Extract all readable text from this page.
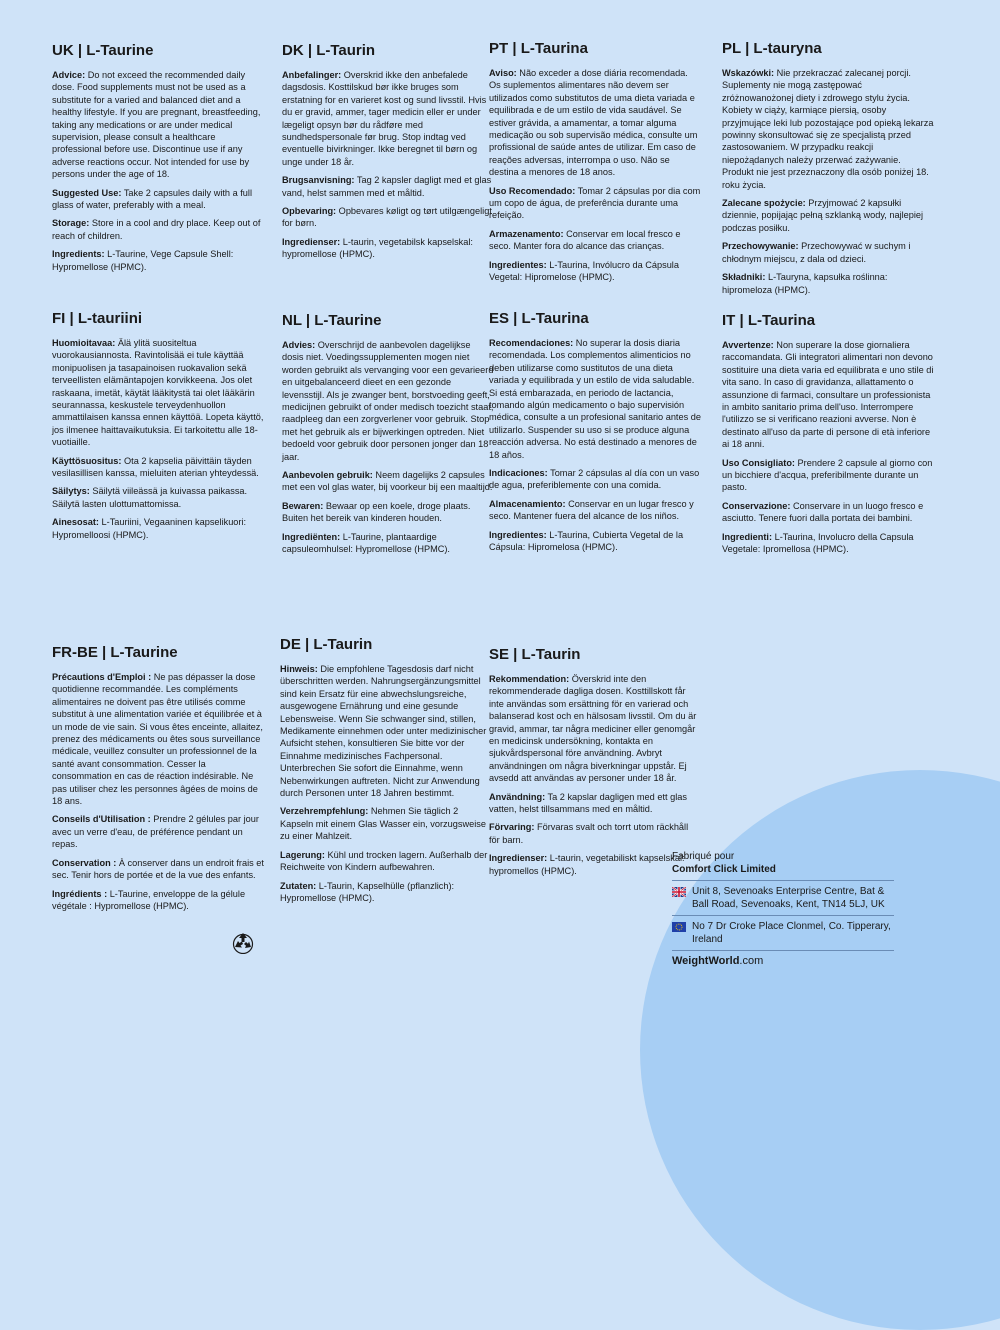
UK | L-Taurine

Advice: Do not exceed the recommended daily dose. Food supplements must not be used as a substitute for a varied and balanced diet and a healthy lifestyle. If you are pregnant, breastfeeding, taking any medications or are under medical supervision, please consult a healthcare professional before use. Discontinue use if any adverse reactions occur. Not intended for use by persons under the age of 18.

Suggested Use: Take 2 capsules daily with a full glass of water, preferably with a meal.

Storage: Store in a cool and dry place. Keep out of reach of children.

Ingredients: L-Taurine, Vege Capsule Shell: Hypromellose (HPMC).

DK | L-Taurin

Anbefalinger: Overskrid ikke den anbefalede dagsdosis. Kosttilskud bør ikke bruges som erstatning for en varieret kost og sund livsstil. Hvis du er gravid, ammer, tager medicin eller er under lægeligt opsyn bør du rådføre med sundhedspersonale før brug. Stop indtag ved eventuelle bivirkninger. Ikke beregnet til børn og unge under 18 år.

Brugsanvisning: Tag 2 kapsler dagligt med et glas vand, helst sammen med et måltid.

Opbevaring: Opbevares køligt og tørt utilgængeligt for børn.

Ingredienser: L-taurin, vegetabilsk kapselskal: hypromellose (HPMC).

PT | L-Taurina

Aviso: Não exceder a dose diária recomendada. Os suplementos alimentares não devem ser utilizados como substitutos de uma dieta variada e equilibrada e de um estilo de vida saudável. Se estiver grávida, a amamentar, a tomar alguma medicação ou sob supervisão médica, consulte um profissional de saúde antes de utilizar. Em caso de reações adversas, interrompa o uso. Não se destina a menores de 18 anos.

Uso Recomendado: Tomar 2 cápsulas por dia com um copo de água, de preferência durante uma refeição.

Armazenamento: Conservar em local fresco e seco. Manter fora do alcance das crianças.

Ingredientes: L-Taurina, Invólucro da Cápsula Vegetal: Hipromelose (HPMC).

PL | L-tauryna

Wskazówki: Nie przekraczać zalecanej porcji. Suplementy nie mogą zastępować zróżnowanożonej diety i zdrowego stylu życia. Kobiety w ciąży, karmiące piersią, osoby przyjmujące leki lub pozostające pod opieką lekarza powinny skonsultować się ze specjalistą przed zastosowaniem. W przypadku reakcji niepożądanych należy przerwać zażywanie. Produkt nie jest przeznaczony dla osób poniżej 18. roku życia.

Zalecane spożycie: Przyjmować 2 kapsułki dziennie, popijając pełną szklanką wody, najlepiej podczas posiłku.

Przechowywanie: Przechowywać w suchym i chłodnym miejscu, z dala od dzieci.

Składniki: L-Tauryna, kapsułka roślinna: hipromeloza (HPMC).

FI | L-tauriini

Huomioitavaa: Älä ylitä suositeltua vuorokausiannosta. Ravintolisää ei tule käyttää monipuolisen ja tasapainoisen ruokavalion sekä terveellisten elämäntapojen korvikkeena. Jos olet raskaana, imetät, käytät lääkitystä tai olet lääkärin seurannassa, keskustele terveydenhuollon ammattilaisen kanssa ennen käyttöä. Lopeta käyttö, jos ilmenee haittavaikutuksia. Ei tarkoitettu alle 18-vuotiaille.

Käyttösuositus: Ota 2 kapselia päivittäin täyden vesilasillisen kanssa, mieluiten aterian yhteydessä.

Säilytys: Säilytä viileässä ja kuivassa paikassa. Säilytä lasten ulottumattomissa.

Ainesosat: L-Tauriini, Vegaaninen kapselikuori: Hypromelloosi (HPMC).

NL | L-Taurine

Advies: Overschrijd de aanbevolen dagelijkse dosis niet. Voedingssupplementen mogen niet worden gebruikt als vervanging voor een gevarieerd en uitgebalanceerd dieet en een gezonde levensstijl. Als je zwanger bent, borstvoeding geeft, medicijnen gebruikt of onder medisch toezicht staat, raadpleeg dan een zorgverlener voor gebruik. Stop met het gebruik als er bijwerkingen optreden. Niet bedoeld voor gebruik door personen jonger dan 18 jaar.

Aanbevolen gebruik: Neem dagelijks 2 capsules met een vol glas water, bij voorkeur bij een maaltijd.

Bewaren: Bewaar op een koele, droge plaats. Buiten het bereik van kinderen houden.

Ingrediënten: L-Taurine, plantaardige capsuleomhulsel: Hypromellose (HPMC).

ES | L-Taurina

Recomendaciones: No superar la dosis diaria recomendada. Los complementos alimenticios no deben utilizarse como sustitutos de una dieta variada y equilibrada y un estilo de vida saludable. Si está embarazada, en periodo de lactancia, tomando algún medicamento o bajo supervisión médica, consulte a un profesional sanitario antes de utilizarlo. Suspender su uso si se produce alguna reacción adversa. No está destinado a menores de 18 años.

Indicaciones: Tomar 2 cápsulas al día con un vaso de agua, preferiblemente con una comida.

Almacenamiento: Conservar en un lugar fresco y seco. Mantener fuera del alcance de los niños.

Ingredientes: L-Taurina, Cubierta Vegetal de la Cápsula: Hipromelosa (HPMC).

IT | L-Taurina

Avvertenze: Non superare la dose giornaliera raccomandata. Gli integratori alimentari non devono sostituire una dieta varia ed equilibrata e uno stile di vita sano. In caso di gravidanza, allattamento o assunzione di farmaci, consultare un professionista in ambito sanitario prima dell'uso. Interrompere l'utilizzo se si verificano reazioni avverse. Non è destinato all'uso da parte di persone di età inferiore ai 18 anni.

Uso Consigliato: Prendere 2 capsule al giorno con un bicchiere d'acqua, preferibilmente durante un pasto.

Conservazione: Conservare in un luogo fresco e asciutto. Tenere fuori dalla portata dei bambini.

Ingredienti: L-Taurina, Involucro della Capsula Vegetale: Ipromellosa (HPMC).

FR-BE | L-Taurine

Précautions d'Emploi : Ne pas dépasser la dose quotidienne recommandée. Les compléments alimentaires ne doivent pas être utilisés comme substitut à une alimentation variée et équilibrée et à un mode de vie sain. Si vous êtes enceinte, allaitez, prenez des médicaments ou êtes sous surveillance médicale, veuillez consulter un professionnel de la santé avant consommation. Cesser la consommation en cas de réaction indésirable. Ne pas utiliser chez les personnes âgées de moins de 18 ans.

Conseils d'Utilisation : Prendre 2 gélules par jour avec un verre d'eau, de préférence pendant un repas.

Conservation : À conserver dans un endroit frais et sec. Tenir hors de portée et de la vue des enfants.

Ingrédients : L-Taurine, enveloppe de la gélule végétale : Hypromellose (HPMC).

DE | L-Taurin

Hinweis: Die empfohlene Tagesdosis darf nicht überschritten werden. Nahrungsergänzungsmittel sind kein Ersatz für eine abwechslungsreiche, ausgewogene Ernährung und eine gesunde Lebensweise. Wenn Sie schwanger sind, stillen, Medikamente einnehmen oder unter medizinischer Aufsicht stehen, konsultieren Sie bitte vor der Einnahme medizinisches Fachpersonal. Unterbrechen Sie sofort die Einnahme, wenn Nebenwirkungen auftreten. Nicht zur Anwendung durch Personen unter 18 Jahren bestimmt.

Verzehrempfehlung: Nehmen Sie täglich 2 Kapseln mit einem Glas Wasser ein, vorzugsweise zu einer Mahlzeit.

Lagerung: Kühl und trocken lagern. Außerhalb der Reichweite von Kindern aufbewahren.

Zutaten: L-Taurin, Kapselhülle (pflanzlich): Hypromellose (HPMC).

SE | L-Taurin

Rekommendation: Överskrid inte den rekommenderade dagliga dosen. Kosttillskott får inte användas som ersättning för en varierad och balanserad kost och en hälsosam livsstil. Om du är gravid, ammar, tar några mediciner eller genomgår en medicinsk undersökning, kontakta en sjukvårdspersonal före användning. Avbryt användningen om några biverkningar uppstår. Ej avsedd att användas av personer under 18 år.

Användning: Ta 2 kapslar dagligen med ett glas vatten, helst tillsammans med en måltid.

Förvaring: Förvaras svalt och torrt utom räckhåll för barn.

Ingredienser: L-taurin, vegetabiliskt kapselskal: hypromellos (HPMC).

Fabriqué pour

Comfort Click Limited

Unit 8, Sevenoaks Enterprise Centre, Bat & Ball Road, Sevenoaks, Kent, TN14 5LJ, UK
No 7 Dr Croke Place Clonmel, Co. Tipperary, Ireland
WeightWorld.com
